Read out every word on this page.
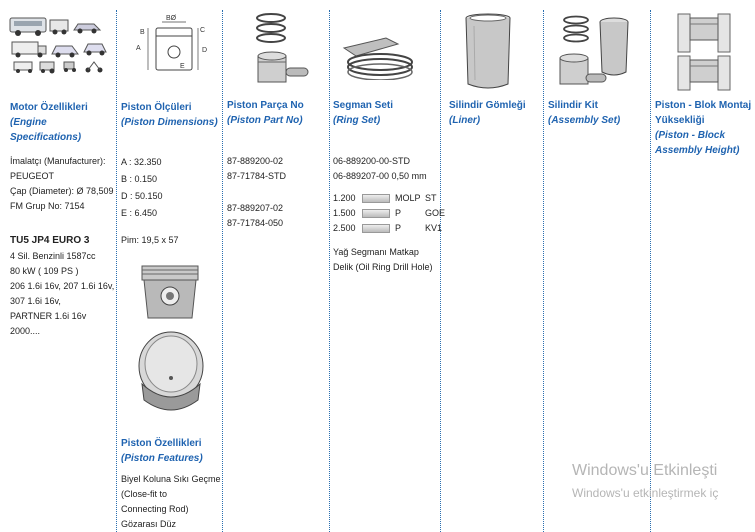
Motor Özellikleri
(Engine Specifications)
İmalatçı (Manufacturer):
PEUGEOT
Çap (Diameter): Ø 78,509
FM Grup No: 7154
TU5 JP4 EURO 3
4 Sil. Benzinli 1587cc
80 kW ( 109 PS )
206 1.6i 16v, 207 1.6i 16v,
307 1.6i 16v,
PARTNER 1.6i 16v
2000....
A
B
BØ
C
D
E
Piston Ölçüleri
(Piston Dimensions)
A : 32.350
B : 0.150
D : 50.150
E : 6.450
Pim: 19,5 x 57
Piston Özellikleri
(Piston Features)
Biyel Koluna Sıkı Geçme
(Close-fit to
Connecting Rod)
Gözarası Düz
Piston Parça No
(Piston Part No)
87-889200-02
87-71784-STD
87-889207-02
87-71784-050
Segman Seti
(Ring Set)
06-889200-00-STD
06-889207-00 0,50 mm
1.200	MOLP ST
1.500	P	GOE
2.500	P	KV1
Yağ Segmanı Matkap
Delik (Oil Ring Drill Hole)
Silindir Gömleği
(Liner)
Silindir Kit
(Assembly Set)
Piston - Blok Montaj Yüksekliği
(Piston - Block Assembly Height)
Windows'u Etkinleşti
Windows'u etkinleştirmek iç
